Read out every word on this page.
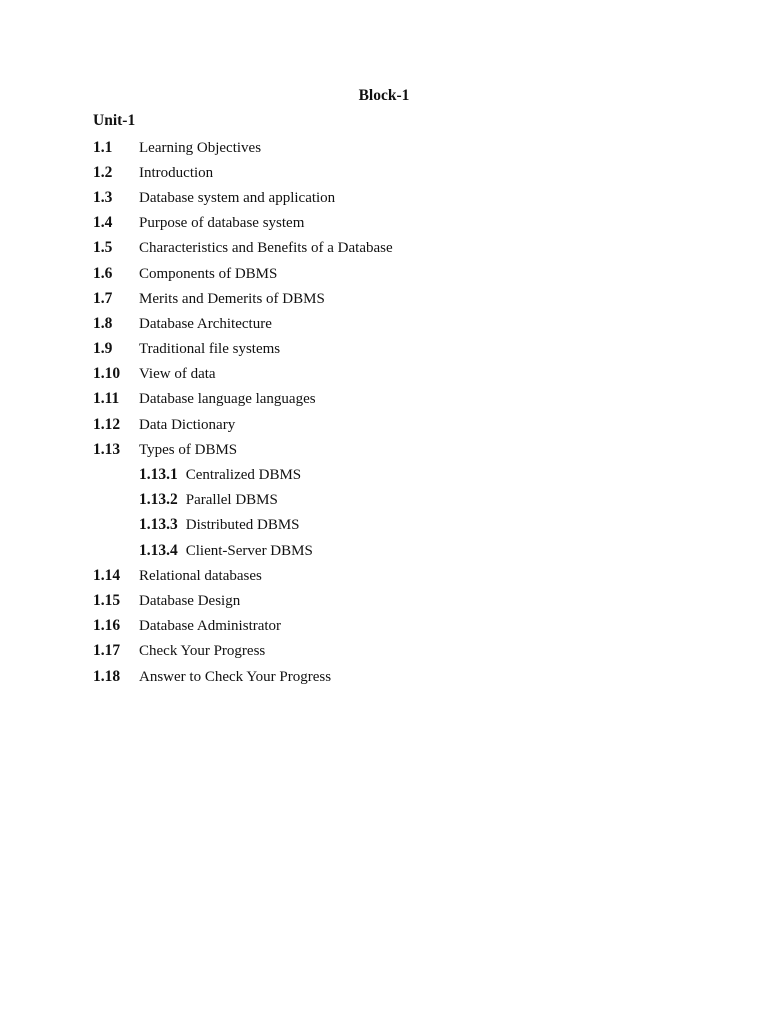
Block-1
Unit-1
1.1	Learning Objectives
1.2	Introduction
1.3	Database system and application
1.4	Purpose of database system
1.5	Characteristics and Benefits of a Database
1.6	Components of DBMS
1.7	Merits and Demerits of DBMS
1.8	Database Architecture
1.9	Traditional file systems
1.10	View of data
1.11	Database language languages
1.12	Data Dictionary
1.13	Types of DBMS
1.13.1 Centralized DBMS
1.13.2 Parallel DBMS
1.13.3 Distributed DBMS
1.13.4 Client-Server DBMS
1.14	Relational databases
1.15	Database Design
1.16	Database Administrator
1.17	Check Your Progress
1.18	Answer to Check Your Progress
